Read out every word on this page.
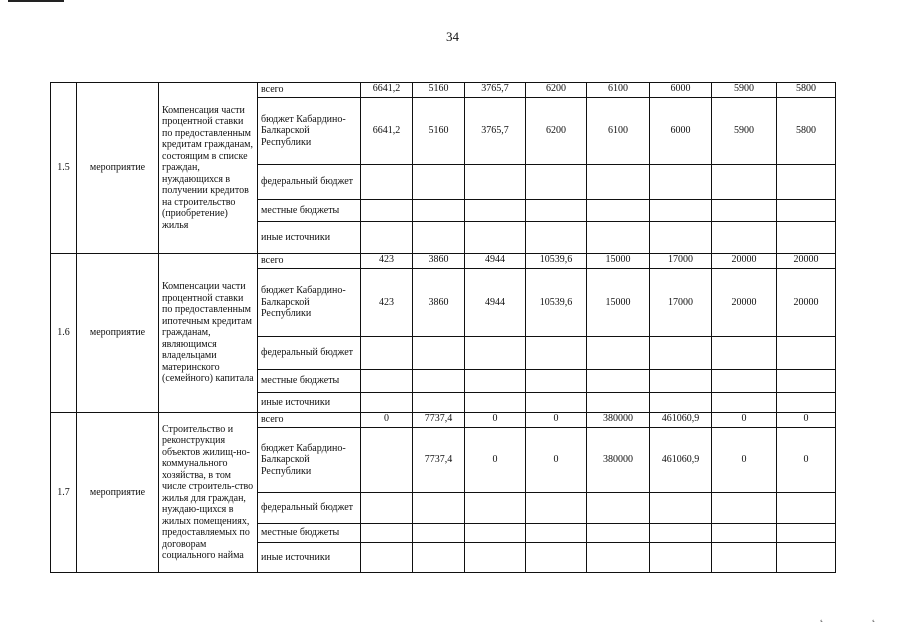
34
1.5	мероприятие	Компенсация части процентной ставки по предоставленным кредитам гражданам, состоящим в списке граждан, нуждающихся в получении кредитов на строительство (приобретение) жилья	всего	6641,2	5160	3765,7	6200	6100	6000	5900	5800
			бюджет Кабардино-Балкарской Республики	6641,2	5160	3765,7	6200	6100	6000	5900	5800
			федеральный бюджет								
			местные бюджеты								
			иные источники								
1.6	мероприятие	Компенсации части процентной ставки по предоставленным ипотечным кредитам гражданам, являющимся владельцами материнского (семейного) капитала	всего	423	3860	4944	10539,6	15000	17000	20000	20000
			бюджет Кабардино-Балкарской Республики	423	3860	4944	10539,6	15000	17000	20000	20000
			федеральный бюджет								
			местные бюджеты								
			иные источники								
1.7	мероприятие	Строительство и реконструкция объектов жилищ-но-коммунального хозяйства, в том числе строитель-ство жилья для граждан, нуждаю-щихся в жилых помещениях, предоставляемых по договорам социального найма	всего	0	7737,4	0	0	380000	461060,9	0	0
			бюджет Кабардино-Балкарской Республики		7737,4	0	0	380000	461060,9	0	0
			федеральный бюджет								
			местные бюджеты								
			иные источники								
˛	˛
